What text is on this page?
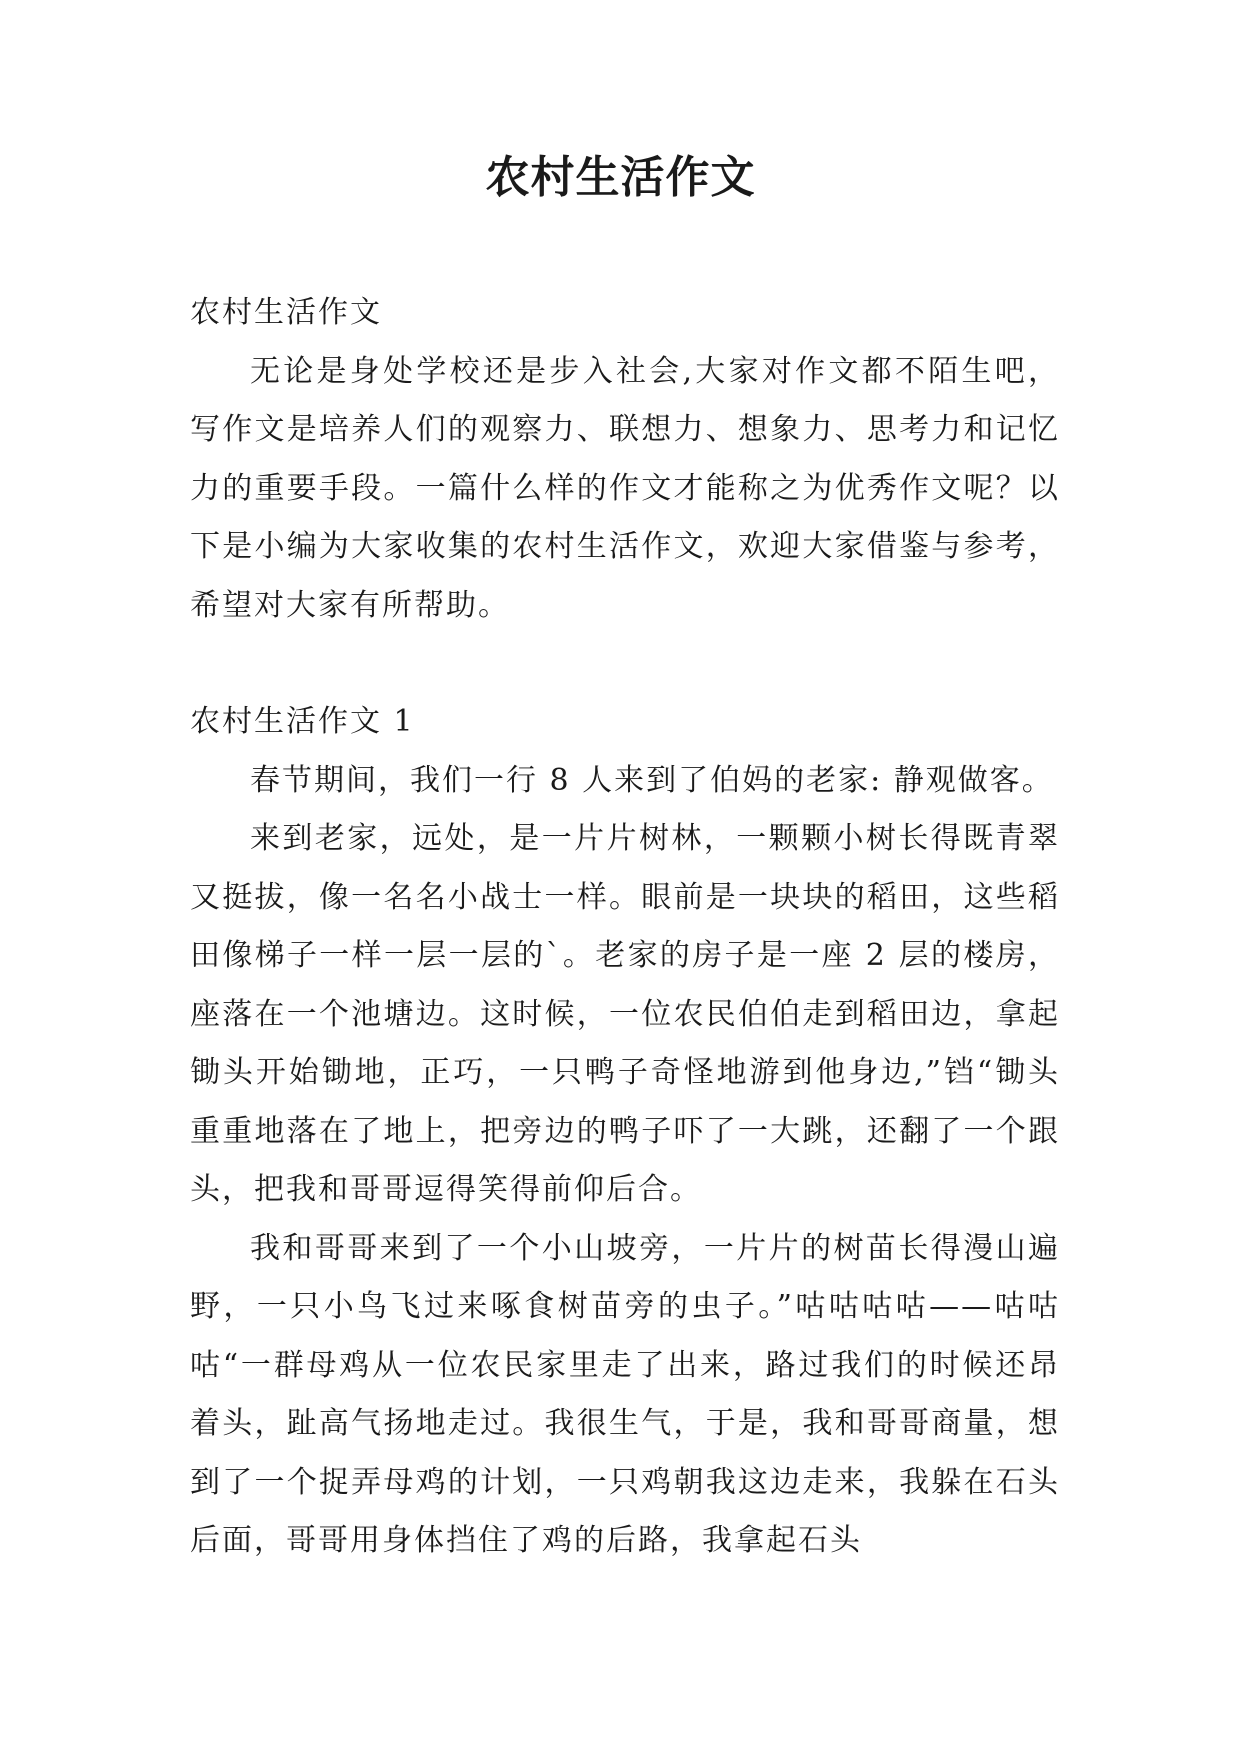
农村生活作文

农村生活作文

无论是身处学校还是步入社会,大家对作文都不陌生吧，写作文是培养人们的观察力、联想力、想象力、思考力和记忆力的重要手段。一篇什么样的作文才能称之为优秀作文呢？以下是小编为大家收集的农村生活作文，欢迎大家借鉴与参考，希望对大家有所帮助。

农村生活作文 1

春节期间，我们一行 8 人来到了伯妈的老家: 静观做客。

来到老家，远处，是一片片树林，一颗颗小树长得既青翠又挺拔，像一名名小战士一样。眼前是一块块的稻田，这些稻田像梯子一样一层一层的`。老家的房子是一座 2 层的楼房，座落在一个池塘边。这时候，一位农民伯伯走到稻田边，拿起锄头开始锄地，正巧，一只鸭子奇怪地游到他身边,”铛“锄头重重地落在了地上，把旁边的鸭子吓了一大跳，还翻了一个跟头，把我和哥哥逗得笑得前仰后合。

我和哥哥来到了一个小山坡旁，一片片的树苗长得漫山遍野，一只小鸟飞过来啄食树苗旁的虫子。”咕咕咕咕——咕咕咕“一群母鸡从一位农民家里走了出来，路过我们的时候还昂着头，趾高气扬地走过。我很生气，于是，我和哥哥商量，想到了一个捉弄母鸡的计划，一只鸡朝我这边走来，我躲在石头后面，哥哥用身体挡住了鸡的后路，我拿起石头
